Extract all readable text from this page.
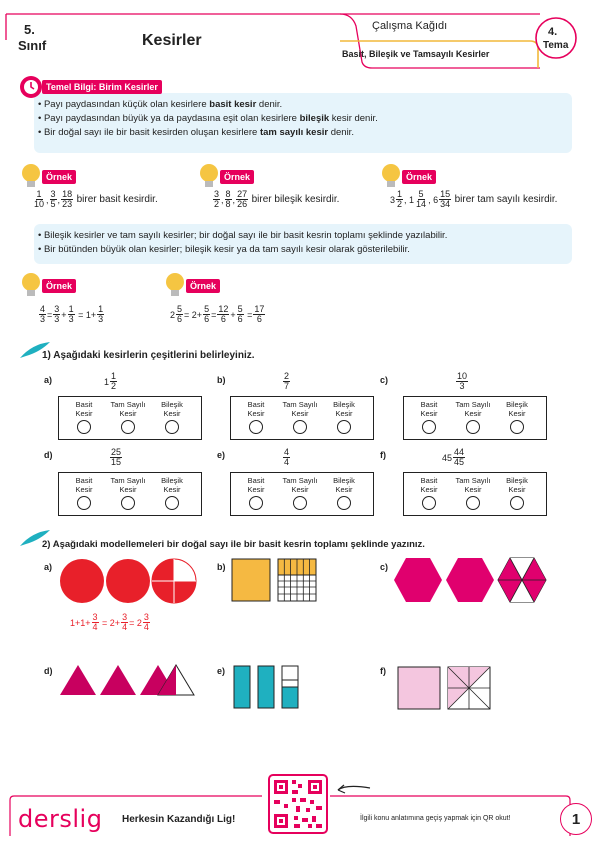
5.
Sınıf	Kesirler
Çalışma Kağıdı
Basit, Bileşik ve Tamsayılı Kesirler
4.
Tema
Temel Bilgi: Birim Kesirler
• Payı paydasından küçük olan kesirlere basit kesir denir.
• Payı paydasından büyük ya da paydasına eşit olan kesirlere bileşik kesir denir.
• Bir doğal sayı ile bir basit kesirden oluşan kesirlere tam sayılı kesir denir.
Örnek
$\frac{1}{10}$ , $\frac{3}{5}$ , $\frac{18}{23}$
birer basit kesirdir.
Örnek
$\frac{3}{2}$ , $\frac{8}{8}$ , $\frac{27}{26}$
birer bileşik kesirdir.
Örnek
$3 \frac{1}{2}$ , $1 \frac{5}{14}$ , $6 \frac{15}{34}$
birer tam sayılı kesirdir.
• Bileşik kesirler ve tam sayılı kesirler; bir doğal sayı ile bir basit kesrin toplamı şeklinde yazılabilir.
• Bir bütünden büyük olan kesirler; bileşik kesir ya da tam sayılı kesir olarak gösterilebilir.
Örnek
$\frac{4}{3} = \frac{3}{3} + \frac{1}{3} = 1+ \frac{1}{3}$
Örnek
$2 \frac{5}{6} = 2+ \frac{5}{6} = \frac{12}{6} + \frac{5}{6} = \frac{17}{6}$
1) Aşağıdaki kesirlerin çeşitlerini belirleyiniz.
a)	$1 \frac{1}{2}$	b)	$\frac{2}{7}$	c)	$\frac{10}{3}$
d)	$\frac{25}{15}$	e)	$\frac{4}{4}$	f)	$45 \frac{44}{45}$
Basit
Kesir
Tam Sayılı
Kesir
Bileşik
Kesir
Basit
Kesir
Tam Sayılı
Kesir
Bileşik
Kesir
Basit
Kesir
Tam Sayılı
Kesir
Bileşik
Kesir
Basit
Kesir
Tam Sayılı
Kesir
Bileşik
Kesir
Basit
Kesir
Tam Sayılı
Kesir
Bileşik
Kesir
Basit
Kesir
Tam Sayılı
Kesir
Bileşik
Kesir
2) Aşağıdaki modellemeleri bir doğal sayı ile bir basit kesrin toplamı şeklinde yazınız.
a)
$1+1+ \frac{3}{4} = 2+ \frac{3}{4} = 2 \frac{3}{4}$
b)	c)
d)	e)	f)
derslig Herkesin Kazandığı Lig!	İlgili konu anlatımına geçiş yapmak için QR okut!	1
